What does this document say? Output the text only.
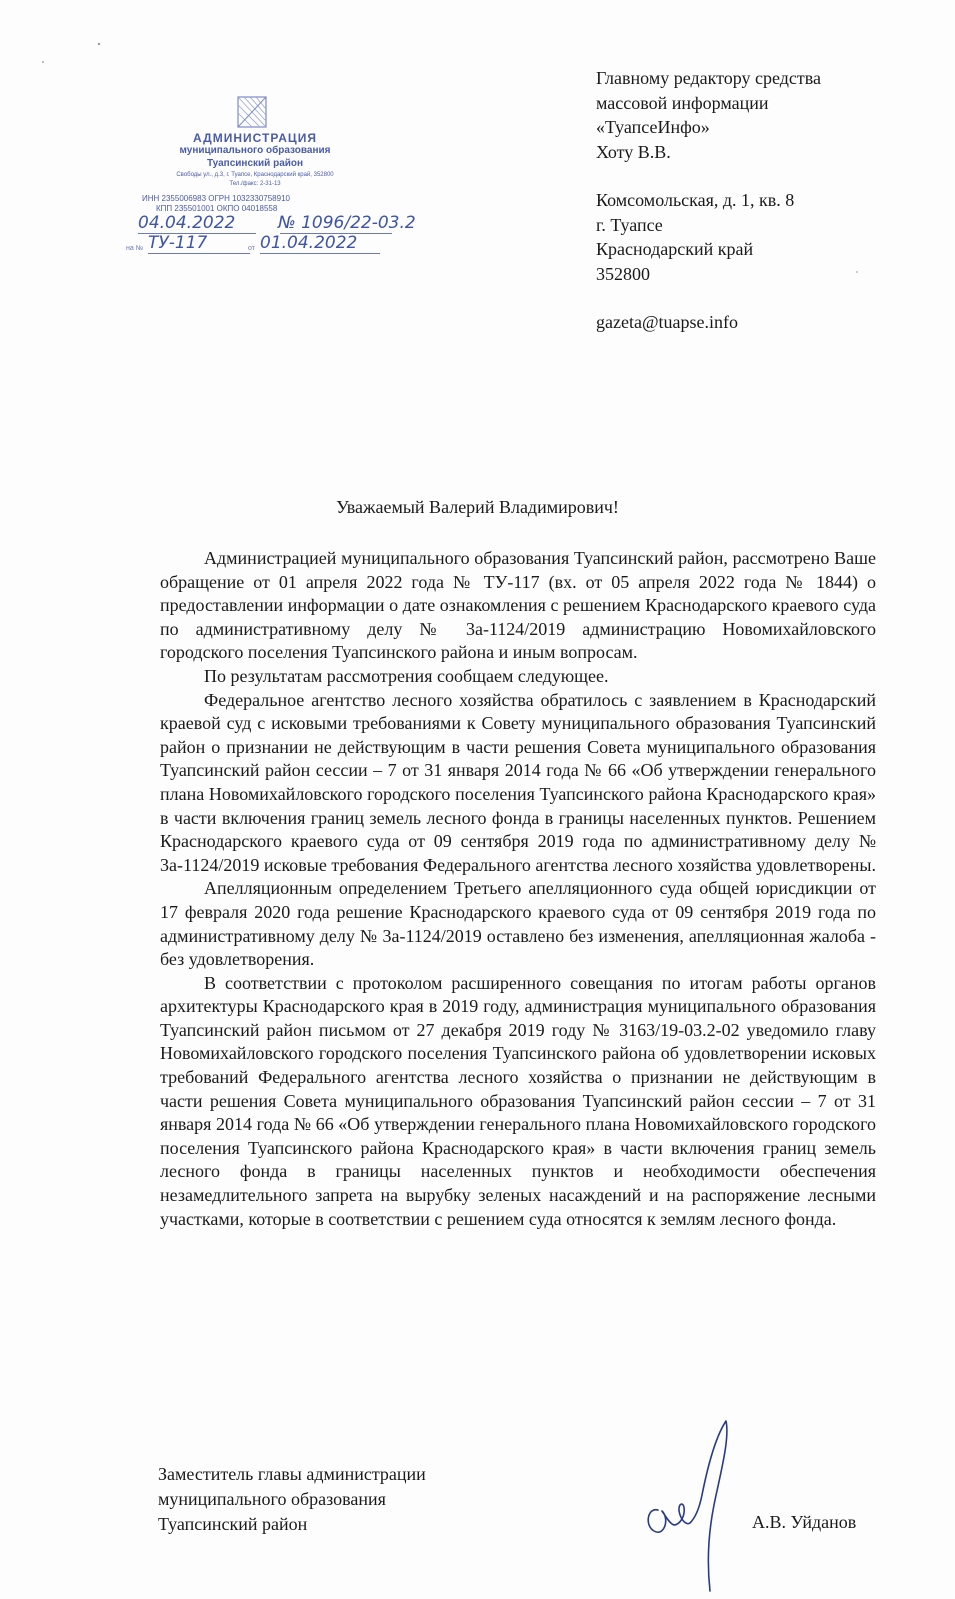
АДМИНИСТРАЦИЯ
муниципального образования
Туапсинский район
Свободы ул., д.3, г. Туапсе, Краснодарский край, 352800
Тел./факс: 2-31-13
ИНН 2355006983 ОГРН 1032330758910
КПП 235501001 ОКПО 04018558
на №	от
04.04.2022	№ 1096/22-03.2
ТУ-117	01.04.2022
Главному редактору средства
массовой информации
«ТуапсеИнфо»
Хоту В.В.
Комсомольская, д. 1, кв. 8
г. Туапсе
Краснодарский край
352800
gazeta@tuapse.info
Уважаемый Валерий Владимирович!

Администрацией муниципального образования Туапсинский район, рассмотрено Ваше обращение от 01 апреля 2022 года № ТУ-117 (вх. от 05 апреля 2022 года № 1844) о предоставлении информации о дате ознакомления с решением Краснодарского краевого суда по административному делу № 3а-1124/2019 администрацию Новомихайловского городского поселения Туапсинского района и иным вопросам.

По результатам рассмотрения сообщаем следующее.

Федеральное агентство лесного хозяйства обратилось с заявлением в Краснодарский краевой суд с исковыми требованиями к Совету муниципального образования Туапсинский район о признании не действующим в части решения Совета муниципального образования Туапсинский район сессии – 7 от 31 января 2014 года № 66 «Об утверждении генерального плана Новомихайловского городского поселения Туапсинского района Краснодарского края» в части включения границ земель лесного фонда в границы населенных пунктов. Решением Краснодарского краевого суда от 09 сентября 2019 года по административному делу № 3а-1124/2019 исковые требования Федерального агентства лесного хозяйства удовлетворены.

Апелляционным определением Третьего апелляционного суда общей юрисдикции от 17 февраля 2020 года решение Краснодарского краевого суда от 09 сентября 2019 года по административному делу № 3а-1124/2019 оставлено без изменения, апелляционная жалоба - без удовлетворения.

В соответствии с протоколом расширенного совещания по итогам работы органов архитектуры Краснодарского края в 2019 году, администрация муниципального образования Туапсинский район письмом от 27 декабря 2019 году № 3163/19-03.2-02 уведомило главу Новомихайловского городского поселения Туапсинского района об удовлетворении исковых требований Федерального агентства лесного хозяйства о признании не действующим в части решения Совета муниципального образования Туапсинский район сессии – 7 от 31 января 2014 года № 66 «Об утверждении генерального плана Новомихайловского городского поселения Туапсинского района Краснодарского края» в части включения границ земель лесного фонда в границы населенных пунктов и необходимости обеспечения незамедлительного запрета на вырубку зеленых насаждений и на распоряжение лесными участками, которые в соответствии с решением суда относятся к землям лесного фонда.

Заместитель главы администрации
муниципального образования
Туапсинский район	А.В. Уйданов
